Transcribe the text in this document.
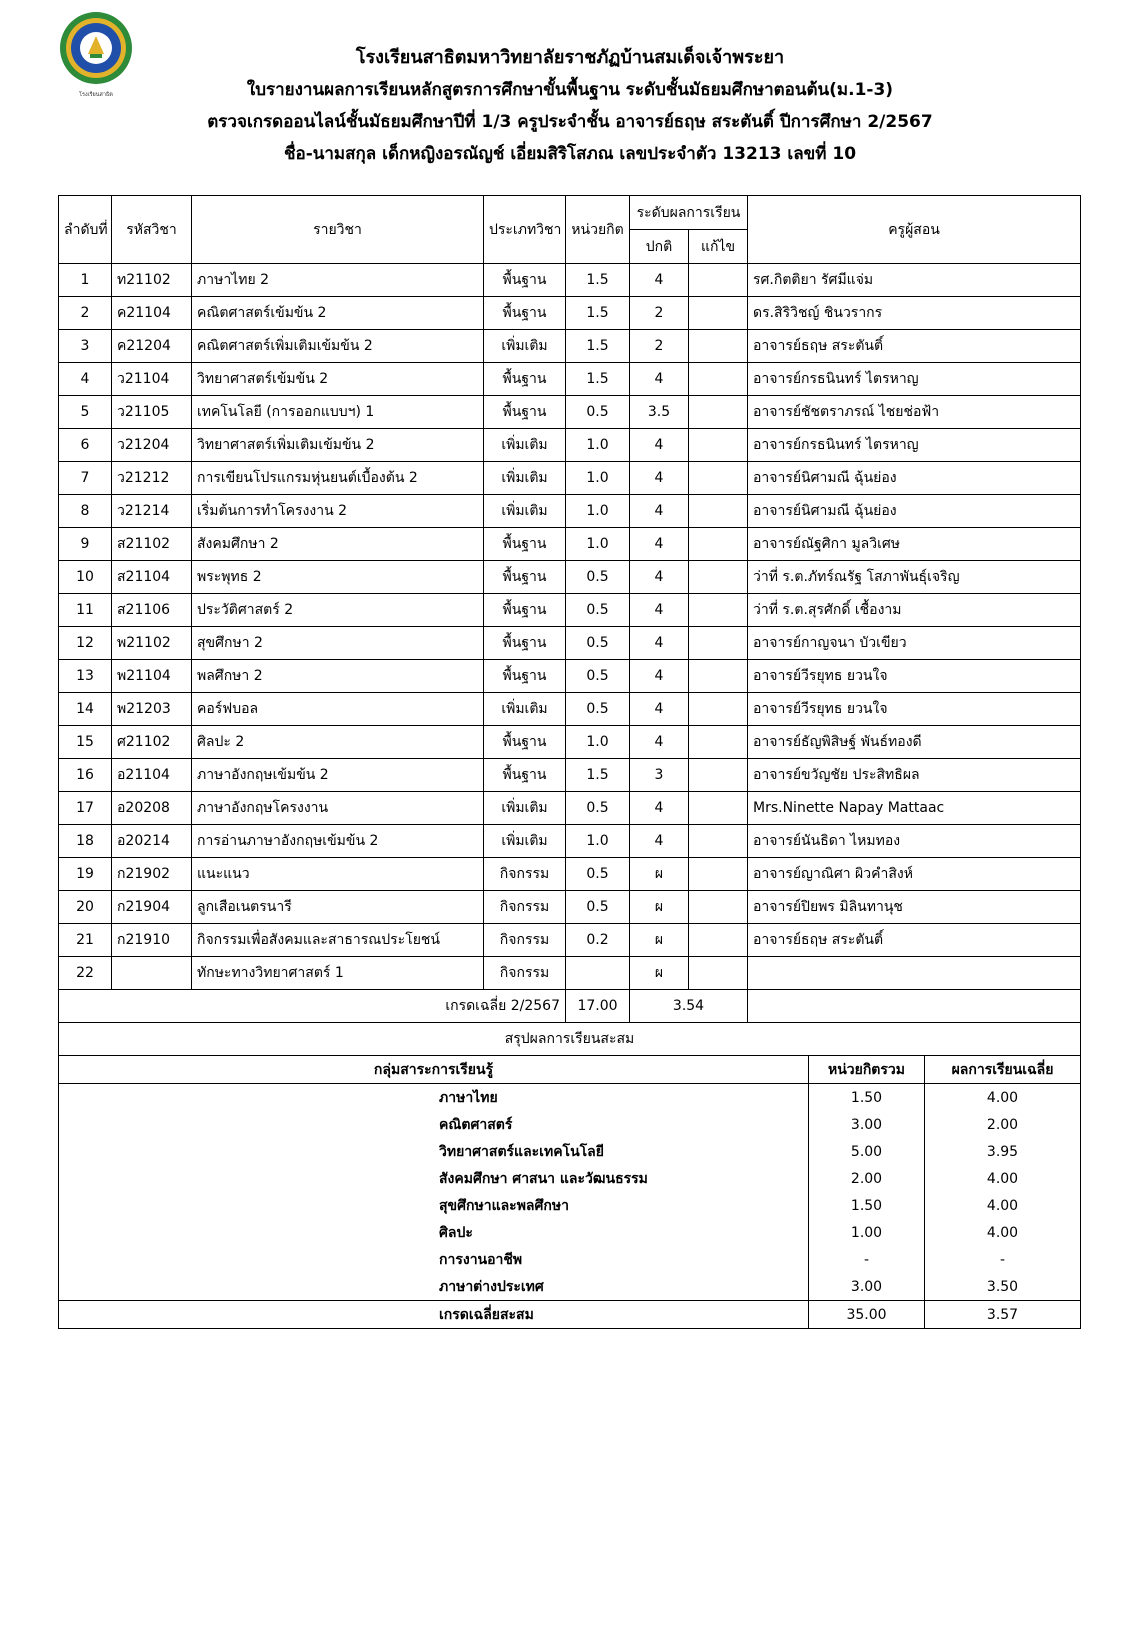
โรงเรียนสาธิต
โรงเรียนสาธิตมหาวิทยาลัยราชภัฏบ้านสมเด็จเจ้าพระยา
ใบรายงานผลการเรียนหลักสูตรการศึกษาขั้นพื้นฐาน ระดับชั้นมัธยมศึกษาตอนต้น(ม.1-3)
ตรวจเกรดออนไลน์ชั้นมัธยมศึกษาปีที่ 1/3 ครูประจำชั้น อาจารย์ธฤษ สระตันติ์ ปีการศึกษา 2/2567
ชื่อ-นามสกุล เด็กหญิงอรณัญช์ เอี่ยมสิริโสภณ เลขประจำตัว 13213 เลขที่ 10
ลำดับที่	รหัสวิชา	รายวิชา	ประเภทวิชา	หน่วยกิต	ระดับผลการเรียน		ครูผู้สอน
					ปกติ	แก้ไข	
1	ท21102	ภาษาไทย 2	พื้นฐาน	1.5	4		รศ.กิตติยา รัศมีแจ่ม
2	ค21104	คณิตศาสตร์เข้มข้น 2	พื้นฐาน	1.5	2		ดร.สิริวิชญ์ ชินวรากร
3	ค21204	คณิตศาสตร์เพิ่มเติมเข้มข้น 2	เพิ่มเติม	1.5	2		อาจารย์ธฤษ สระตันติ์
4	ว21104	วิทยาศาสตร์เข้มข้น 2	พื้นฐาน	1.5	4		อาจารย์กรธนินทร์ ไตรหาญ
5	ว21105	เทคโนโลยี (การออกแบบฯ) 1	พื้นฐาน	0.5	3.5		อาจารย์ชัชตราภรณ์ ไชยช่อฟ้า
6	ว21204	วิทยาศาสตร์เพิ่มเติมเข้มข้น 2	เพิ่มเติม	1.0	4		อาจารย์กรธนินทร์ ไตรหาญ
7	ว21212	การเขียนโปรแกรมหุ่นยนต์เบื้องต้น 2	เพิ่มเติม	1.0	4		อาจารย์นิศามณี ฉุ้นย่อง
8	ว21214	เริ่มต้นการทำโครงงาน 2	เพิ่มเติม	1.0	4		อาจารย์นิศามณี ฉุ้นย่อง
9	ส21102	สังคมศึกษา 2	พื้นฐาน	1.0	4		อาจารย์ณัฐศิกา มูลวิเศษ
10	ส21104	พระพุทธ 2	พื้นฐาน	0.5	4		ว่าที่ ร.ต.ภัทร์ณรัฐ โสภาพันธุ์เจริญ
11	ส21106	ประวัติศาสตร์ 2	พื้นฐาน	0.5	4		ว่าที่ ร.ต.สุรศักดิ์ เชื้องาม
12	พ21102	สุขศึกษา 2	พื้นฐาน	0.5	4		อาจารย์กาญจนา บัวเขียว
13	พ21104	พลศึกษา 2	พื้นฐาน	0.5	4		อาจารย์วีรยุทธ ยวนใจ
14	พ21203	คอร์ฟบอล	เพิ่มเติม	0.5	4		อาจารย์วีรยุทธ ยวนใจ
15	ศ21102	ศิลปะ 2	พื้นฐาน	1.0	4		อาจารย์ธัญพิสิษฐ์ พันธ์ทองดี
16	อ21104	ภาษาอังกฤษเข้มข้น 2	พื้นฐาน	1.5	3		อาจารย์ขวัญชัย ประสิทธิผล
17	อ20208	ภาษาอังกฤษโครงงาน	เพิ่มเติม	0.5	4		Mrs.Ninette Napay Mattaac
18	อ20214	การอ่านภาษาอังกฤษเข้มข้น 2	เพิ่มเติม	1.0	4		อาจารย์นันธิดา ไหมทอง
19	ก21902	แนะแนว	กิจกรรม	0.5	ผ		อาจารย์ญาณิศา ผิวคำสิงห์
20	ก21904	ลูกเสือเนตรนารี	กิจกรรม	0.5	ผ		อาจารย์ปิยพร มิลินทานุช
21	ก21910	กิจกรรมเพื่อสังคมและสาธารณประโยชน์	กิจกรรม	0.2	ผ		อาจารย์ธฤษ สระตันติ์
22		ทักษะทางวิทยาศาสตร์ 1	กิจกรรม		ผ		
เกรดเฉลี่ย 2/2567				17.00	3.54		
สรุปผลการเรียนสะสม							
กลุ่มสาระการเรียนรู้	หน่วยกิตรวม	ผลการเรียนเฉลี่ย
ภาษาไทย	1.50	4.00
คณิตศาสตร์	3.00	2.00
วิทยาศาสตร์และเทคโนโลยี	5.00	3.95
สังคมศึกษา ศาสนา และวัฒนธรรม	2.00	4.00
สุขศึกษาและพลศึกษา	1.50	4.00
ศิลปะ	1.00	4.00
การงานอาชีพ	-	-
ภาษาต่างประเทศ	3.00	3.50
เกรดเฉลี่ยสะสม	35.00	3.57
